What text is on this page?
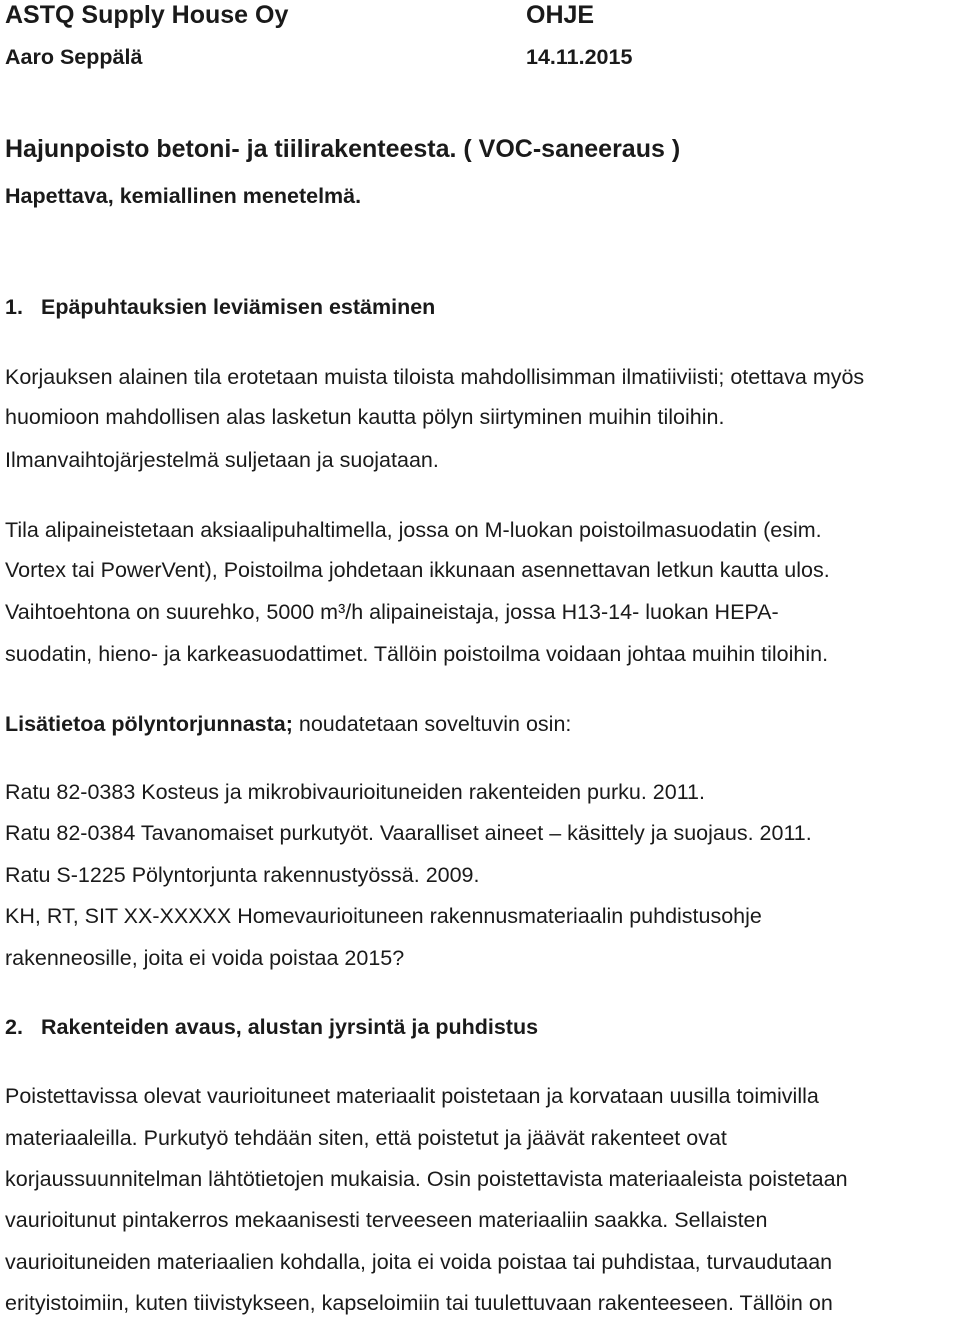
ASTQ Supply House Oy	OHJE
Aaro Seppälä	14.11.2015
Hajunpoisto betoni- ja tiilirakenteesta. ( VOC-saneeraus )
Hapettava, kemiallinen menetelmä.
1. Epäpuhtauksien leviämisen estäminen
Korjauksen alainen tila erotetaan muista tiloista mahdollisimman ilmatiiviisti; otettava myös
huomioon mahdollisen alas lasketun kautta pölyn siirtyminen muihin tiloihin.
Ilmanvaihtojärjestelmä suljetaan ja suojataan.
Tila alipaineistetaan aksiaalipuhaltimella, jossa on M-luokan poistoilmasuodatin (esim.
Vortex tai PowerVent), Poistoilma johdetaan ikkunaan asennettavan letkun kautta ulos.
Vaihtoehtona on suurehko, 5000 m³/h alipaineistaja, jossa H13-14- luokan HEPA-
suodatin, hieno- ja karkeasuodattimet. Tällöin poistoilma voidaan johtaa muihin tiloihin.
Lisätietoa pölyntorjunnasta; noudatetaan soveltuvin osin:
Ratu 82-0383 Kosteus ja mikrobivaurioituneiden rakenteiden purku. 2011.
Ratu 82-0384 Tavanomaiset purkutyöt. Vaaralliset aineet – käsittely ja suojaus. 2011.
Ratu S-1225 Pölyntorjunta rakennustyössä. 2009.
KH, RT, SIT XX-XXXXX Homevaurioituneen rakennusmateriaalin puhdistusohje
rakenneosille, joita ei voida poistaa 2015?
2. Rakenteiden avaus, alustan jyrsintä ja puhdistus
Poistettavissa olevat vaurioituneet materiaalit poistetaan ja korvataan uusilla toimivilla
materiaaleilla. Purkutyö tehdään siten, että poistetut ja jäävät rakenteet ovat
korjaussuunnitelman lähtötietojen mukaisia. Osin poistettavista materiaaleista poistetaan
vaurioitunut pintakerros mekaanisesti terveeseen materiaaliin saakka. Sellaisten
vaurioituneiden materiaalien kohdalla, joita ei voida poistaa tai puhdistaa, turvaudutaan
erityistoimiin, kuten tiivistykseen, kapseloimiin tai tuulettuvaan rakenteeseen. Tällöin on
